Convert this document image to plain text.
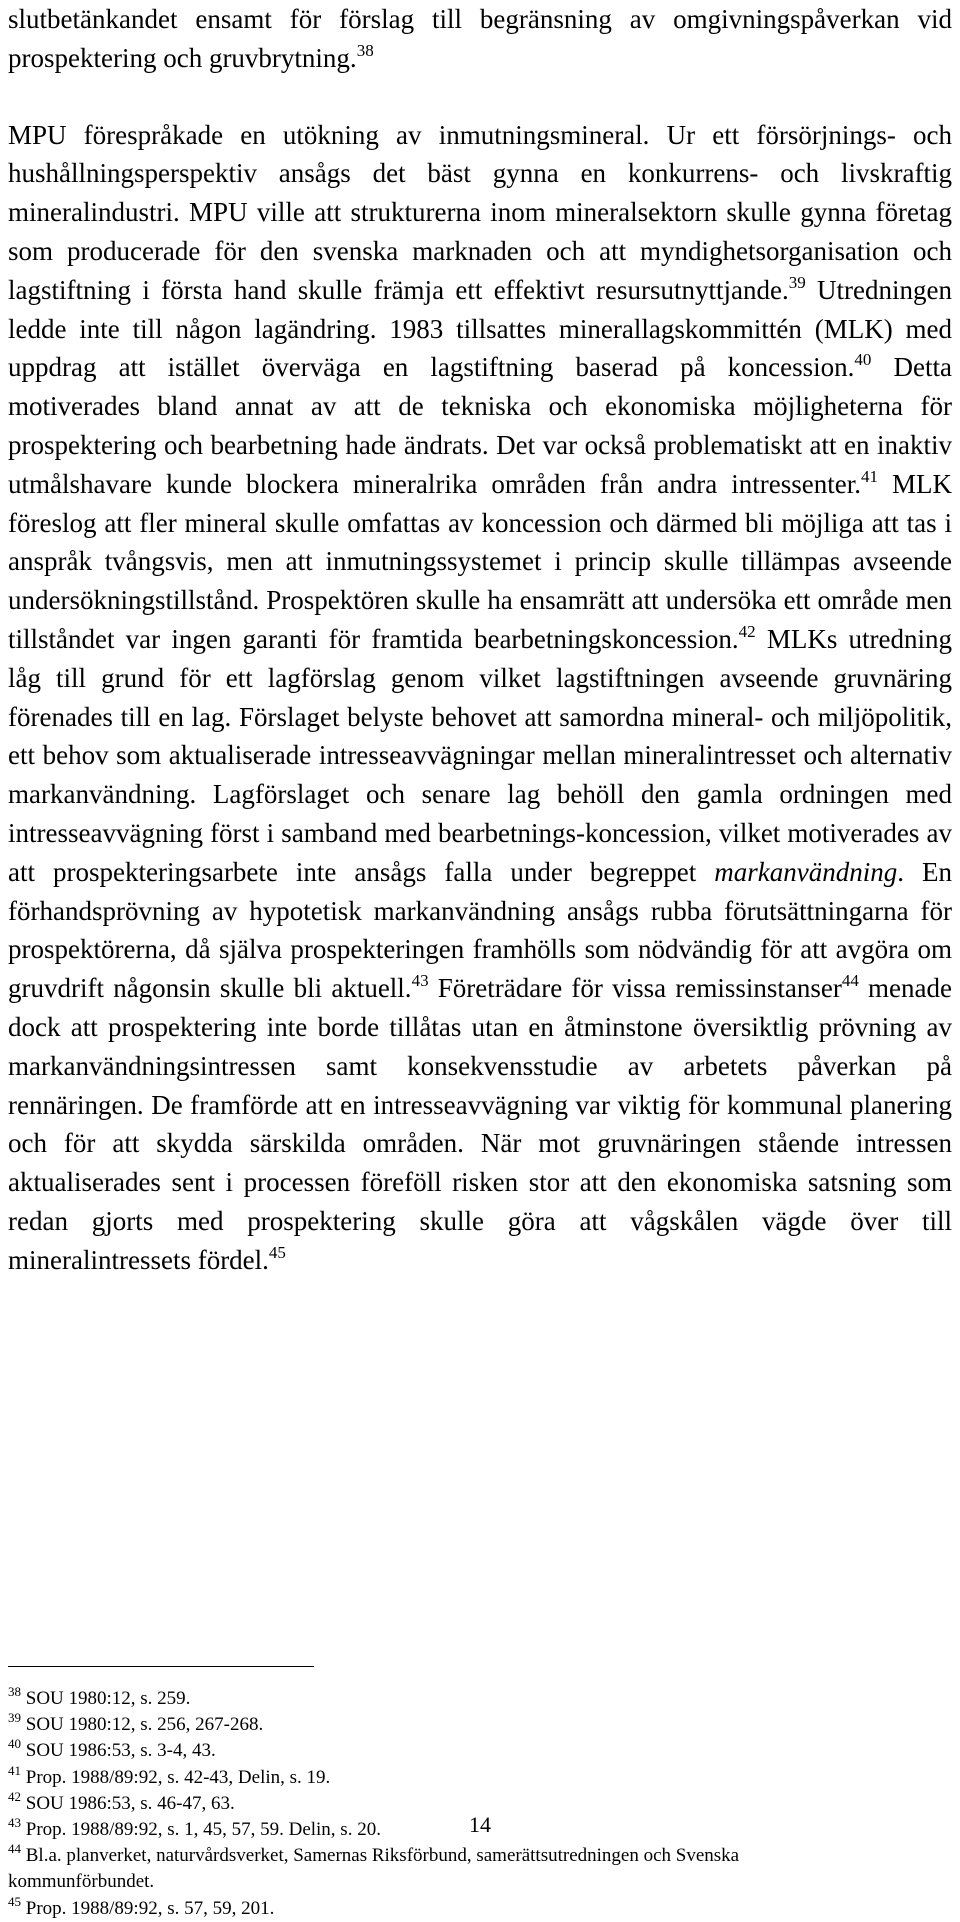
slutbetänkandet ensamt för förslag till begränsning av omgivningspåverkan vid prospektering och gruvbrytning.$^{38}$

MPU förespråkade en utökning av inmutningsmineral. Ur ett försörjnings- och hushållningsperspektiv ansågs det bäst gynna en konkurrens- och livskraftig mineralindustri. MPU ville att strukturerna inom mineralsektorn skulle gynna företag som producerade för den svenska marknaden och att myndighetsorganisation och lagstiftning i första hand skulle främja ett effektivt resursutnyttjande.$^{39}$ Utredningen ledde inte till någon lagändring. 1983 tillsattes minerallagskommittén (MLK) med uppdrag att istället överväga en lagstiftning baserad på koncession.$^{40}$ Detta motiverades bland annat av att de tekniska och ekonomiska möjligheterna för prospektering och bearbetning hade ändrats. Det var också problematiskt att en inaktiv utmålshavare kunde blockera mineralrika områden från andra intressenter.$^{41}$ MLK föreslog att fler mineral skulle omfattas av koncession och därmed bli möjliga att tas i anspråk tvångsvis, men att inmutningssystemet i princip skulle tillämpas avseende undersökningstillstånd. Prospektören skulle ha ensamrätt att undersöka ett område men tillståndet var ingen garanti för framtida bearbetningskoncession.$^{42}$ MLKs utredning låg till grund för ett lagförslag genom vilket lagstiftningen avseende gruvnäring förenades till en lag. Förslaget belyste behovet att samordna mineral- och miljöpolitik, ett behov som aktualiserade intresseavvägningar mellan mineralintresset och alternativ markanvändning. Lagförslaget och senare lag behöll den gamla ordningen med intresseavvägning först i samband med bearbetnings-koncession, vilket motiverades av att prospekteringsarbete inte ansågs falla under begreppet markanvändning. En förhandsprövning av hypotetisk markanvändning ansågs rubba förutsättningarna för prospektörerna, då själva prospekteringen framhölls som nödvändig för att avgöra om gruvdrift någonsin skulle bli aktuell.$^{43}$ Företrädare för vissa remissinstanser$^{44}$ menade dock att prospektering inte borde tillåtas utan en åtminstone översiktlig prövning av markanvändningsintressen samt konsekvensstudie av arbetets påverkan på rennäringen. De framförde att en intresseavvägning var viktig för kommunal planering och för att skydda särskilda områden. När mot gruvnäringen stående intressen aktualiserades sent i processen föreföll risken stor att den ekonomiska satsning som redan gjorts med prospektering skulle göra att vågskålen vägde över till mineralintressets fördel.$^{45}$

$^{38}$ SOU 1980:12, s. 259.

$^{39}$ SOU 1980:12, s. 256, 267-268.

$^{40}$ SOU 1986:53, s. 3-4, 43.

$^{41}$ Prop. 1988/89:92, s. 42-43, Delin, s. 19.

$^{42}$ SOU 1986:53, s. 46-47, 63.

$^{43}$ Prop. 1988/89:92, s. 1, 45, 57, 59. Delin, s. 20.

$^{44}$ Bl.a. planverket, naturvårdsverket, Samernas Riksförbund, samerättsutredningen och Svenska kommunförbundet.

$^{45}$ Prop. 1988/89:92, s. 57, 59, 201.

14
